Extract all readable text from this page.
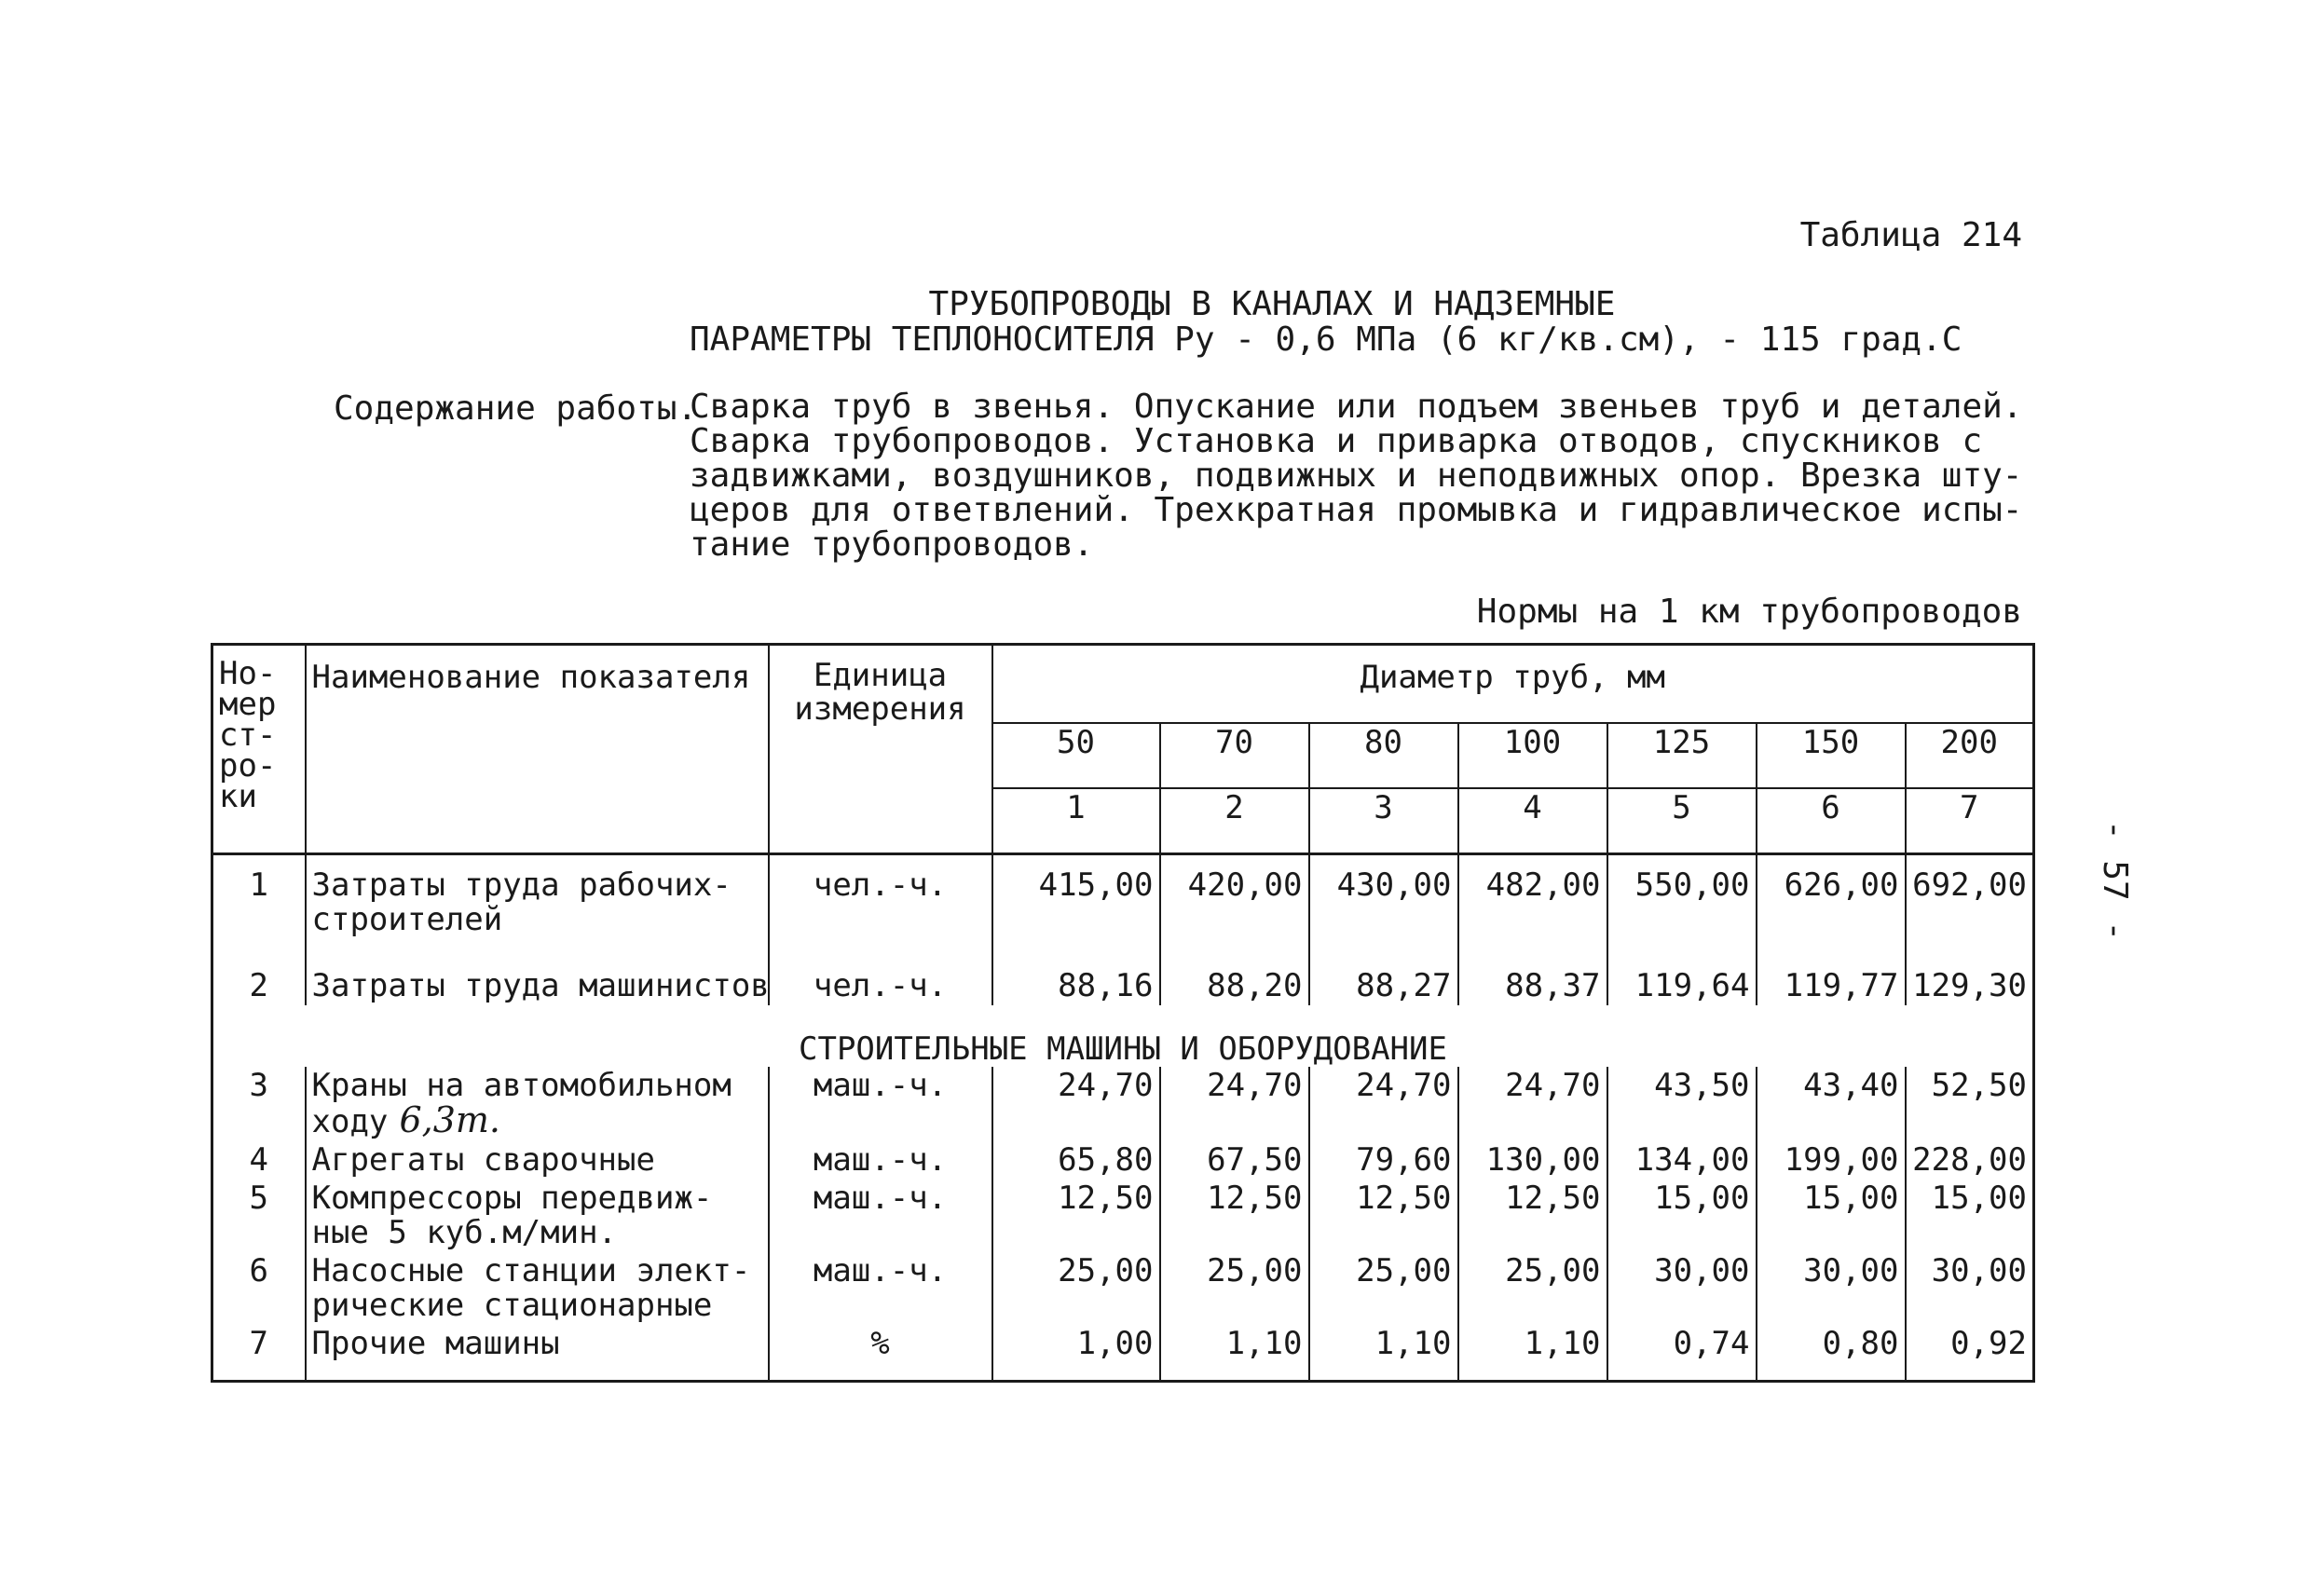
Таблица 214
ТРУБОПРОВОДЫ В КАНАЛАХ И НАДЗЕМНЫЕ
ПАРАМЕТРЫ ТЕПЛОНОСИТЕЛЯ Ру - 0,6 МПа (6 кг/кв.см), - 115 град.С
Содержание работы.
Сварка труб в звенья. Опускание или подъем звеньев труб и деталей.
Сварка трубопроводов. Установка и приварка отводов, спускников с
задвижками, воздушников, подвижных и неподвижных опор. Врезка шту-
церов для ответвлений. Трехкратная промывка и гидравлическое испы-
тание трубопроводов.
Нормы на 1 км трубопроводов
- 57 -
Но-
мер
ст-
ро-
ки	Наименование показателя	Единица
измерения	Диаметр труб, мм						
			50	70	80	100	125	150	200
			1	2	3	4	5	6	7
1	Затраты труда рабочих-
строителей	чел.-ч.	415,00	420,00	430,00	482,00	550,00	626,00	692,00

2	Затраты труда машинистов	чел.-ч.	88,16	88,20	88,27	88,37	119,64	119,77	129,30
СТРОИТЕЛЬНЫЕ МАШИНЫ И ОБОРУДОВАНИЕ									
3	Краны на автомобильном
ходу 6,3т.	маш.-ч.	24,70	24,70	24,70	24,70	43,50	43,40	52,50
4	Агрегаты сварочные	маш.-ч.	65,80	67,50	79,60	130,00	134,00	199,00	228,00
5	Компрессоры передвиж-
ные 5 куб.м/мин.	маш.-ч.	12,50	12,50	12,50	12,50	15,00	15,00	15,00
6	Насосные станции элект-
рические стационарные	маш.-ч.	25,00	25,00	25,00	25,00	30,00	30,00	30,00
7	Прочие машины	%	1,00	1,10	1,10	1,10	0,74	0,80	0,92
